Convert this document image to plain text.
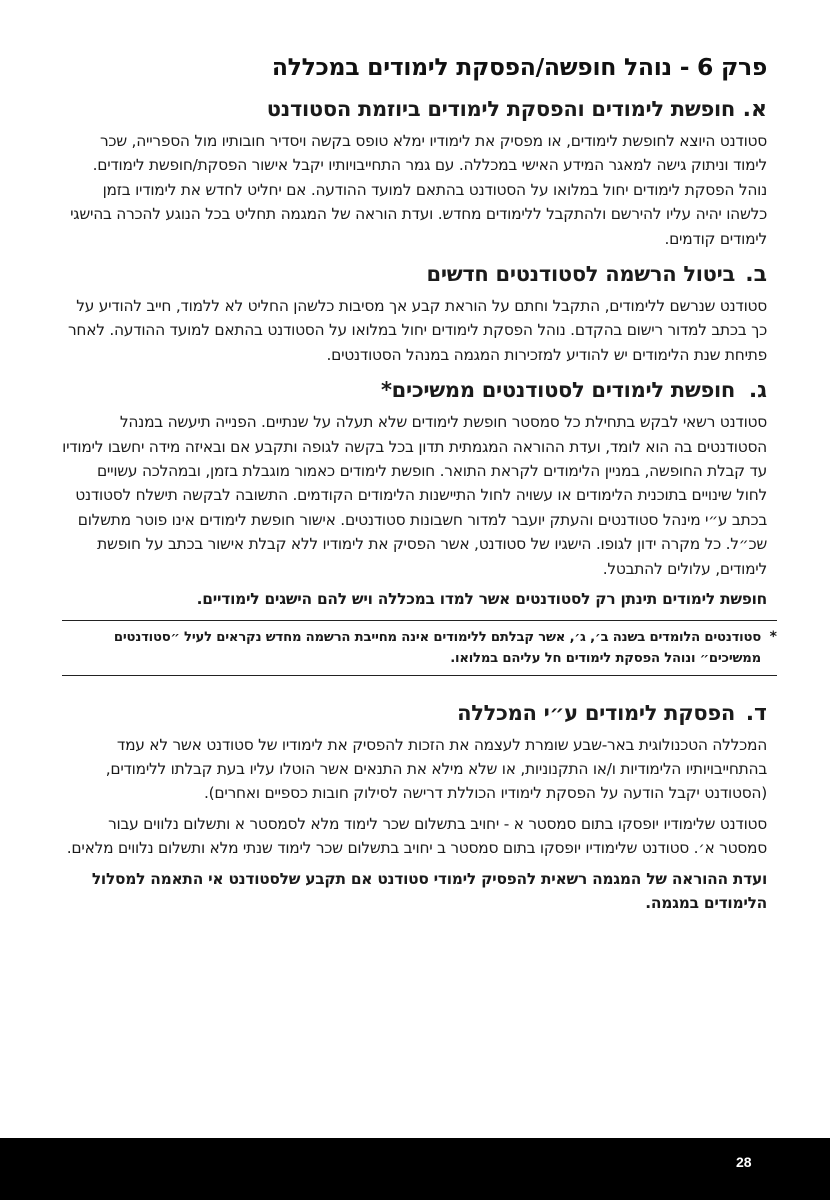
פרק 6 - נוהל חופשה/הפסקת לימודים במכללה
א.
חופשת לימודים והפסקת לימודים ביוזמת הסטודנט

סטודנט היוצא לחופשת לימודים, או מפסיק את לימודיו ימלא טופס בקשה ויסדיר חובותיו מול הספרייה, שכר לימוד וניתוק גישה למאגר המידע האישי במכללה. עם גמר התחייבויותיו יקבל אישור הפסקת/חופשת לימודים. נוהל הפסקת לימודים יחול במלואו על הסטודנט בהתאם למועד ההודעה. אם יחליט לחדש את לימודיו בזמן כלשהו יהיה עליו להירשם ולהתקבל ללימודים מחדש. ועדת הוראה של המגמה תחליט בכל הנוגע להכרה בהישגי לימודים קודמים.

ב.
ביטול הרשמה לסטודנטים חדשים

סטודנט שנרשם ללימודים, התקבל וחתם על הוראת קבע אך מסיבות כלשהן החליט לא ללמוד, חייב להודיע על כך בכתב למדור רישום בהקדם. נוהל הפסקת לימודים יחול במלואו על הסטודנט בהתאם למועד ההודעה. לאחר פתיחת שנת הלימודים יש להודיע למזכירות המגמה במנהל הסטודנטים.

ג.
חופשת לימודים לסטודנטים ממשיכים*

סטודנט רשאי לבקש בתחילת כל סמסטר חופשת לימודים שלא תעלה על שנתיים. הפנייה תיעשה במנהל הסטודנטים בה הוא לומד, ועדת ההוראה המגמתית תדון בכל בקשה לגופה ותקבע אם ובאיזה מידה יחשבו לימודיו עד קבלת החופשה, במניין הלימודים לקראת התואר. חופשת לימודים כאמור מוגבלת בזמן, ובמהלכה עשויים לחול שינויים בתוכנית הלימודים או עשויה לחול התיישנות הלימודים הקודמים. התשובה לבקשה תישלח לסטודנט בכתב ע״י מינהל סטודנטים והעתק יועבר למדור חשבונות סטודנטים. אישור חופשת לימודים אינו פוטר מתשלום שכ״ל. כל מקרה ידון לגופו. הישגיו של סטודנט, אשר הפסיק את לימודיו ללא קבלת אישור בכתב על חופשת לימודים, עלולים להתבטל.

חופשת לימודים תינתן רק לסטודנטים אשר למדו במכללה ויש להם הישגים לימודיים.

*
סטודנטים הלומדים בשנה ב׳, ג׳, אשר קבלתם ללימודים אינה מחייבת הרשמה מחדש נקראים לעיל ״סטודנטים ממשיכים״ ונוהל הפסקת לימודים חל עליהם במלואו.
ד.
הפסקת לימודים ע״י המכללה

המכללה הטכנולוגית באר-שבע שומרת לעצמה את הזכות להפסיק את לימודיו של סטודנט אשר לא עמד בהתחייבויותיו הלימודיות ו/או התקנוניות, או שלא מילא את התנאים אשר הוטלו עליו בעת קבלתו ללימודים, (הסטודנט יקבל הודעה על הפסקת לימודיו הכוללת דרישה לסילוק חובות כספיים ואחרים).

סטודנט שלימודיו יופסקו בתום סמסטר א - יחויב בתשלום שכר לימוד מלא לסמסטר א ותשלום נלווים עבור סמסטר א׳. סטודנט שלימודיו יופסקו בתום סמסטר ב יחויב בתשלום שכר לימוד שנתי מלא ותשלום נלווים מלאים.

ועדת ההוראה של המגמה רשאית להפסיק לימודי סטודנט אם תקבע שלסטודנט אי התאמה למסלול הלימודים במגמה.

28
